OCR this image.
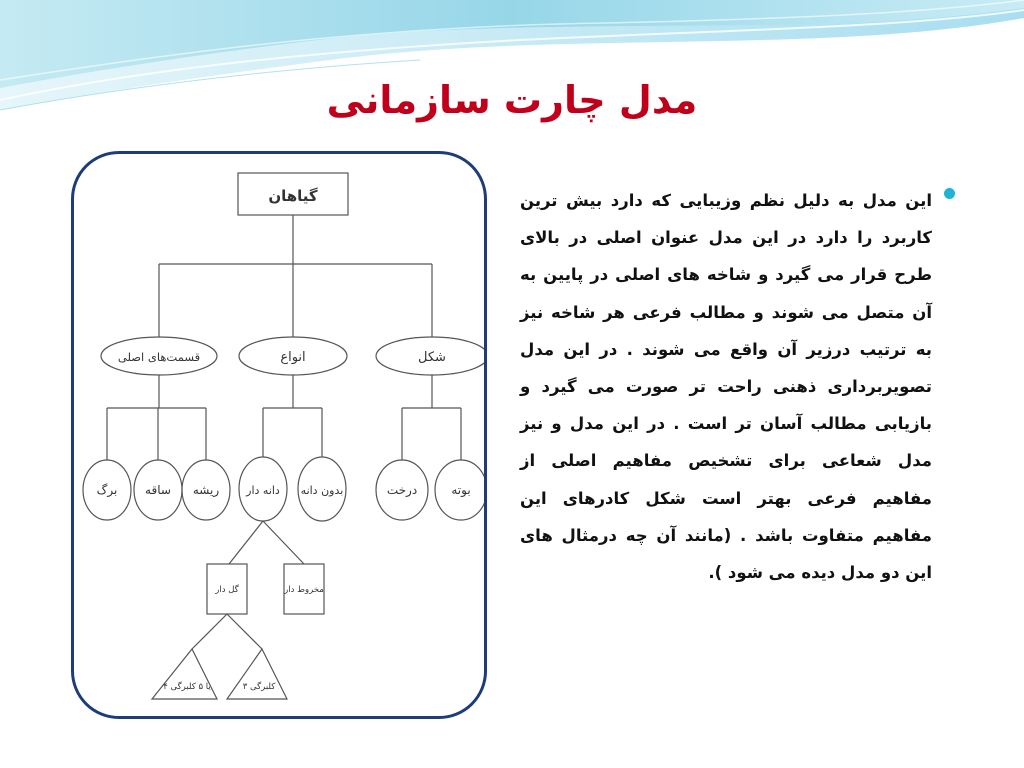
مدل چارت سازمانی
گیاهان
قسمت‌های اصلی	انواع	شکل
ریشه
ساقه
برگ	بدون دانه
دانه دار	بوته
درخت
مخروط دار
گل دار
۳ کلبرگی
۴ یا ۵ کلبرگی
این مدل به دلیل نظم وزیبایی که دارد بیش ترین کاربرد را دارد در این مدل عنوان اصلی در بالای طرح قرار می گیرد و شاخه های اصلی در پایین به آن متصل می شوند و مطالب فرعی هر شاخه نیز به ترتیب درزیر آن واقع می شوند . در این مدل تصویربرداری ذهنی راحت تر صورت می گیرد و بازیابی مطالب آسان تر است . در این مدل و نیز مدل شعاعی برای تشخیص مفاهیم اصلی از مفاهیم فرعی بهتر است شکل کادرهای این مفاهیم متفاوت باشد . (مانند آن چه درمثال های این دو مدل دیده می شود ).
